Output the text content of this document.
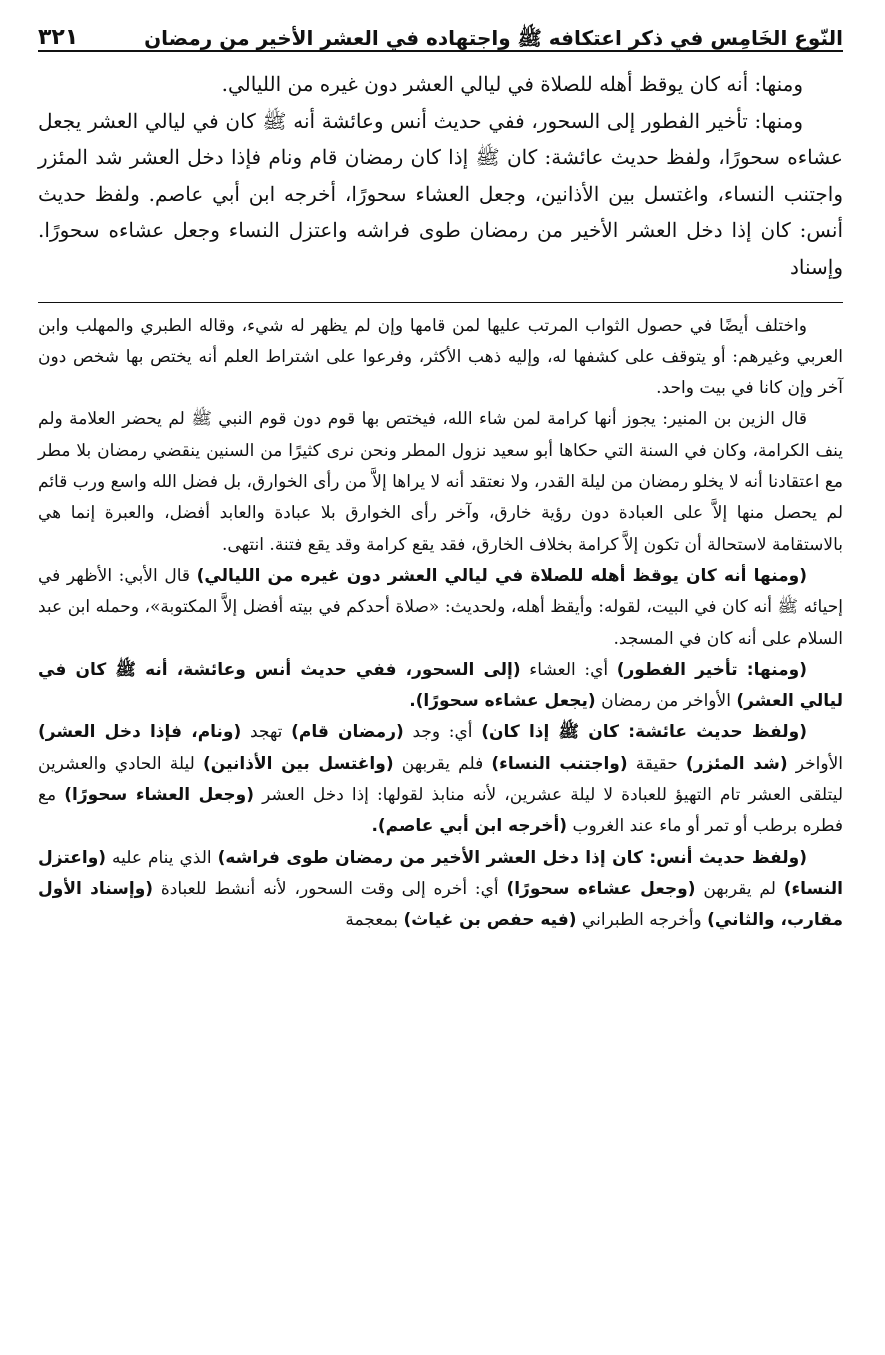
النّوع الخَامِس في ذكر اعتكافه ﷺ واجتهاده في العشر الأخير من رمضان
٣٢١

ومنها: أنه كان يوقظ أهله للصلاة في ليالي العشر دون غيره من الليالي.

ومنها: تأخير الفطور إلى السحور، ففي حديث أنس وعائشة أنه ﷺ كان في ليالي العشر يجعل عشاءه سحورًا، ولفظ حديث عائشة: كان ﷺ إذا كان رمضان قام ونام فإذا دخل العشر شد المئزر واجتنب النساء، واغتسل بين الأذانين، وجعل العشاء سحورًا، أخرجه ابن أبي عاصم. ولفظ حديث أنس: كان إذا دخل العشر الأخير من رمضان طوى فراشه واعتزل النساء وجعل عشاءه سحورًا. وإسناد

واختلف أيضًا في حصول الثواب المرتب عليها لمن قامها وإن لم يظهر له شيء، وقاله الطبري والمهلب وابن العربي وغيرهم: أو يتوقف على كشفها له، وإليه ذهب الأكثر، وفرعوا على اشتراط العلم أنه يختص بها شخص دون آخر وإن كانا في بيت واحد.

قال الزين بن المنير: يجوز أنها كرامة لمن شاء الله، فيختص بها قوم دون قوم النبي ﷺ لم يحضر العلامة ولم ينف الكرامة، وكان في السنة التي حكاها أبو سعيد نزول المطر ونحن نرى كثيرًا من السنين ينقضي رمضان بلا مطر مع اعتقادنا أنه لا يخلو رمضان من ليلة القدر، ولا نعتقد أنه لا يراها إلاَّ من رأى الخوارق، بل فضل الله واسع ورب قائم لم يحصل منها إلاَّ على العبادة دون رؤية خارق، وآخر رأى الخوارق بلا عبادة والعابد أفضل، والعبرة إنما هي بالاستقامة لاستحالة أن تكون إلاَّ كرامة بخلاف الخارق، فقد يقع كرامة وقد يقع فتنة. انتهى.

(ومنها أنه كان يوقظ أهله للصلاة في ليالي العشر دون غيره من الليالي) قال الأبي: الأظهر في إحيائه ﷺ أنه كان في البيت، لقوله: وأيقظ أهله، ولحديث: «صلاة أحدكم في بيته أفضل إلاَّ المكتوبة»، وحمله ابن عبد السلام على أنه كان في المسجد.

(ومنها: تأخير الفطور) أي: العشاء (إلى السحور، ففي حديث أنس وعائشة، أنه ﷺ كان في ليالي العشر) الأواخر من رمضان (يجعل عشاءه سحورًا).

(ولفظ حديث عائشة: كان ﷺ إذا كان) أي: وجد (رمضان قام) تهجد (ونام، فإذا دخل العشر) الأواخر (شد المئزر) حقيقة (واجتنب النساء) فلم يقربهن (واغتسل بين الأذانين) ليلة الحادي والعشرين ليتلقى العشر تام التهيؤ للعبادة لا ليلة عشرين، لأنه منابذ لقولها: إذا دخل العشر (وجعل العشاء سحورًا) مع فطره برطب أو تمر أو ماء عند الغروب (أخرجه ابن أبي عاصم).

(ولفظ حديث أنس: كان إذا دخل العشر الأخير من رمضان طوى فراشه) الذي ينام عليه (واعتزل النساء) لم يقربهن (وجعل عشاءه سحورًا) أي: أخره إلى وقت السحور، لأنه أنشط للعبادة (وإسناد الأول مقارب، والثاني) وأخرجه الطبراني (فيه حفص بن غياث) بمعجمة
